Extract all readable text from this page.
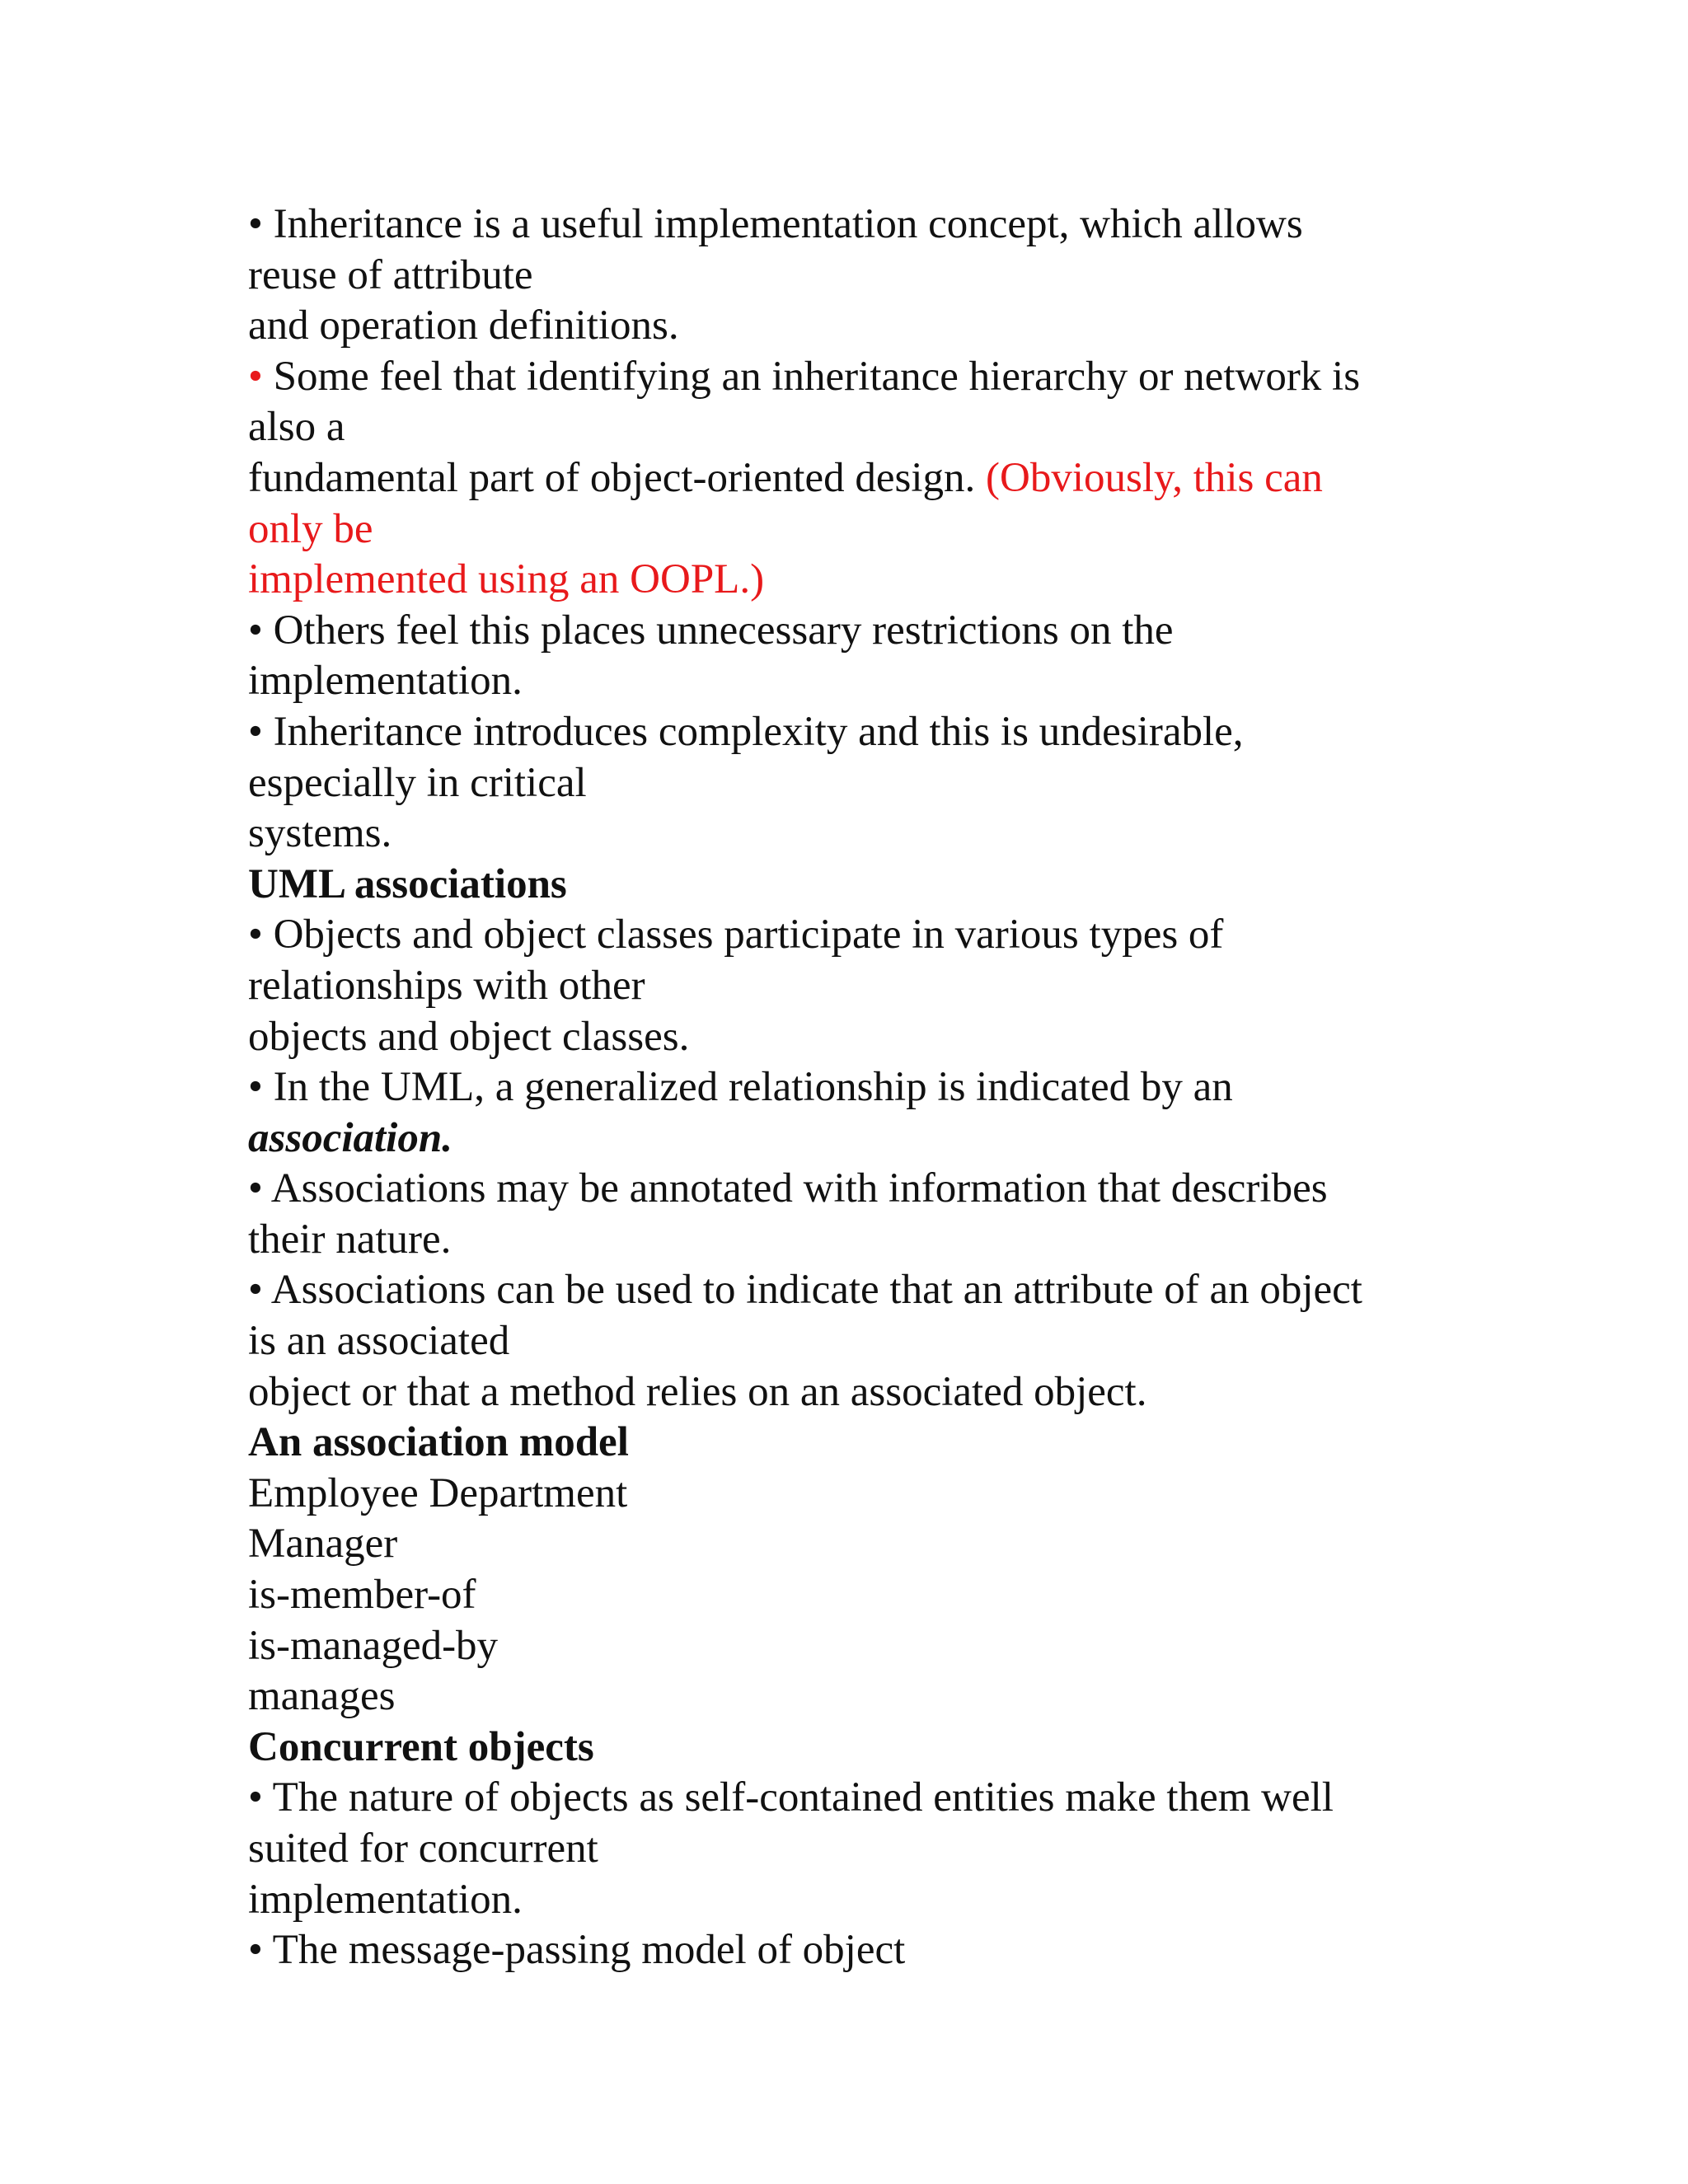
• Inheritance is a useful implementation concept, which allows
reuse of attribute
and operation definitions.
• Some feel that identifying an inheritance hierarchy or network is
also a
fundamental part of object-oriented design. (Obviously, this can
only be
implemented using an OOPL.)
• Others feel this places unnecessary restrictions on the
implementation.
• Inheritance introduces complexity and this is undesirable,
especially in critical
systems.
UML associations
• Objects and object classes participate in various types of
relationships with other
objects and object classes.
• In the UML, a generalized relationship is indicated by an
association.
• Associations may be annotated with information that describes
their nature.
• Associations can be used to indicate that an attribute of an object
is an associated
object or that a method relies on an associated object.
An association model
Employee Department
Manager
is-member-of
is-managed-by
manages
Concurrent objects
• The nature of objects as self-contained entities make them well
suited for concurrent
implementation.
• The message-passing model of object
